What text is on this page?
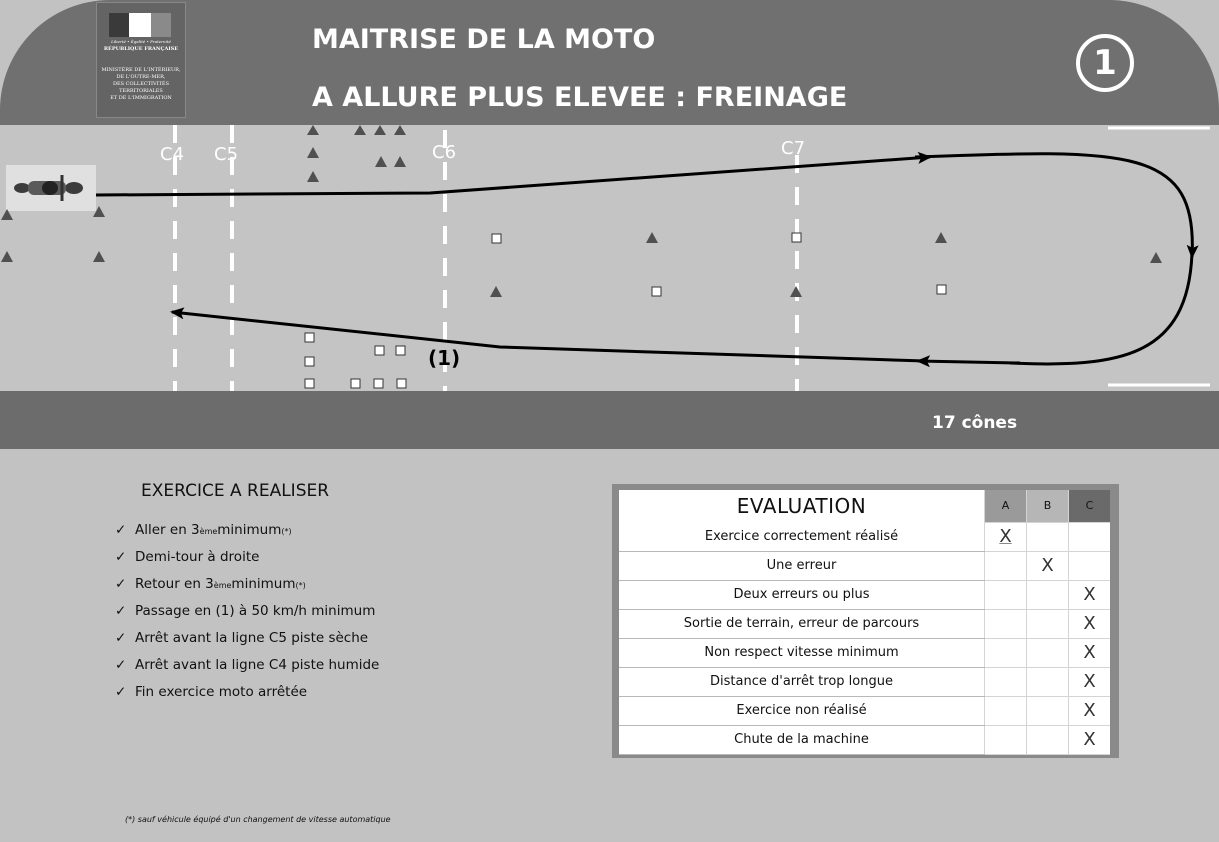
Liberté • Égalité • Fraternité
RÉPUBLIQUE FRANÇAISE
MINISTÈRE DE L'INTÉRIEUR,
DE L'OUTRE-MER,
DES COLLECTIVITÉS
TERRITORIALES
ET DE L'IMMIGRATION
MAITRISE DE LA MOTO
A ALLURE PLUS ELEVEE : FREINAGE
1
C4 C5	C6	C7
(1)
17 cônes
EXERCICE A REALISER
✓ Aller en 3 ème minimum (*)
✓ Demi-tour à droite
✓ Retour en 3 ème minimum (*)
✓ Passage en (1) à 50 km/h minimum
✓ Arrêt avant la ligne C5 piste sèche
✓ Arrêt avant la ligne C4 piste humide
✓ Fin exercice moto arrêtée
(*) sauf véhicule équipé d'un changement de vitesse automatique
EVALUATION	A	B	C
Exercice correctement réalisé	X		
Une erreur		X	
Deux erreurs ou plus			X
Sortie de terrain, erreur de parcours			X
Non respect vitesse minimum			X
Distance d'arrêt trop longue			X
Exercice non réalisé			X
Chute de la machine			X
